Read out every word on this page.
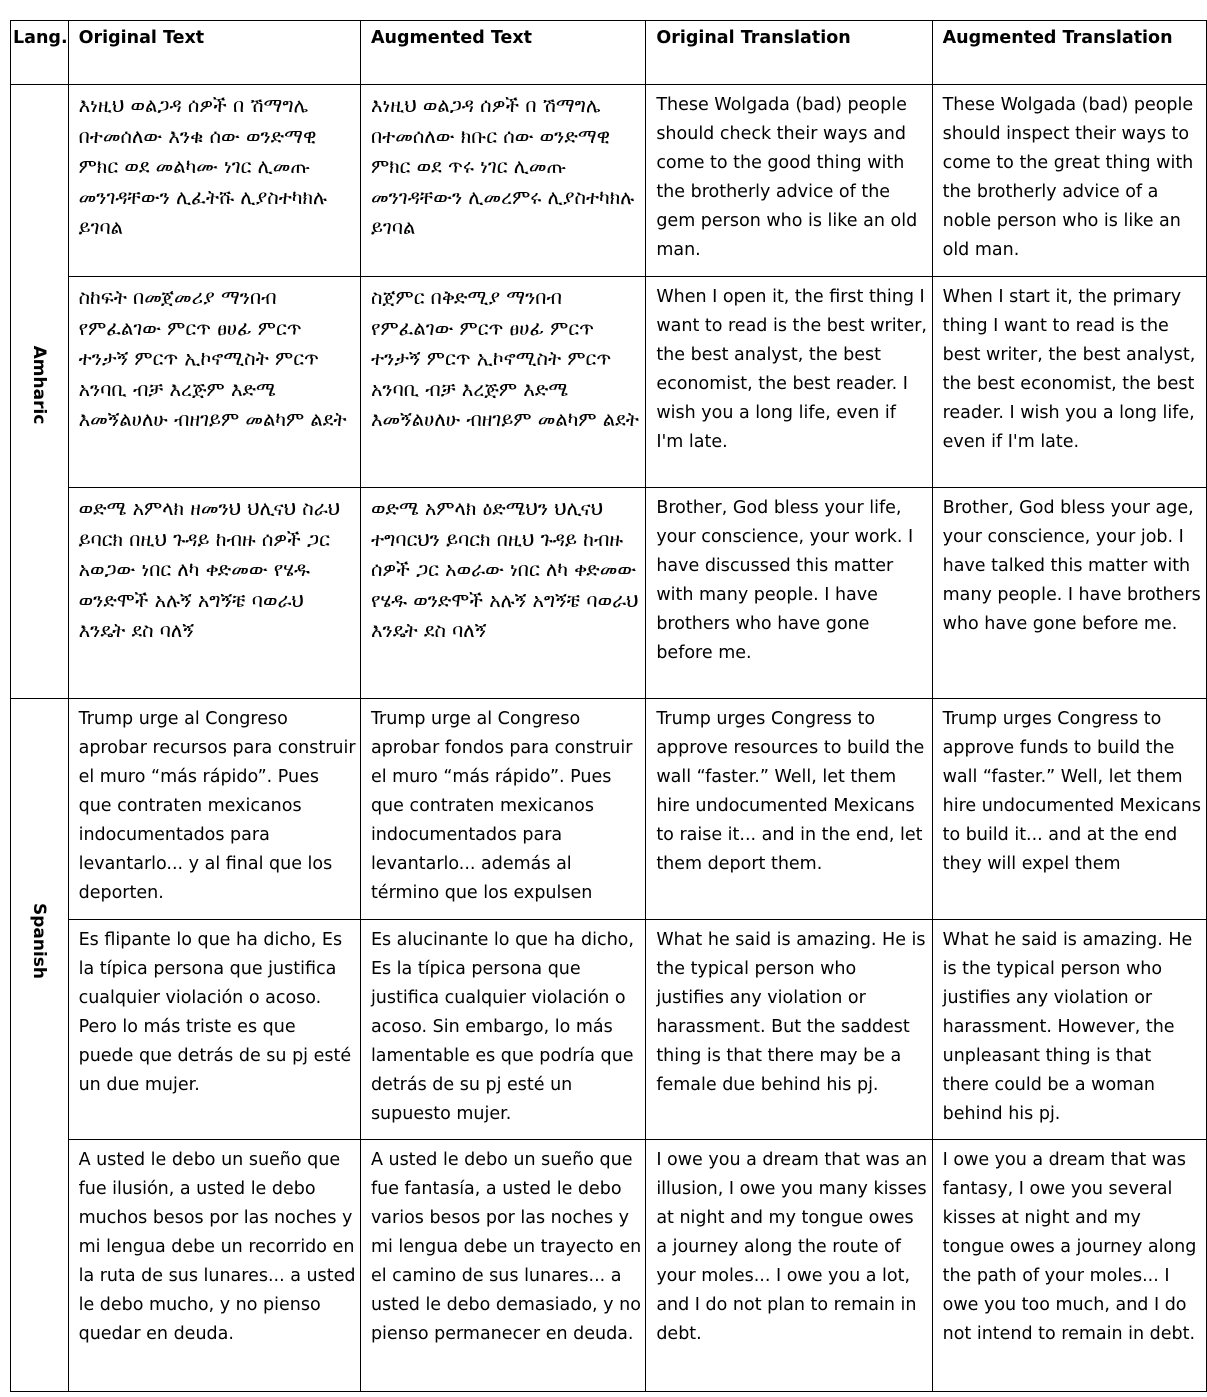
Lang.	Original Text	Augmented Text	Original Translation	Augmented Translation

Amharic	እነዚህ ወልጋዳ ሰዎች በ ሽማግሌ በተመሰለው እንቁ ሰው ወንድማዊ ምክር ወደ መልካሙ ነገር ሊመጡ መንገዳቸውን ሊፈትሹ ሊያስተካክሉ ይገባል	እነዚህ ወልጋዳ ሰዎች በ ሽማግሌ በተመሰለው ክቡር ሰው ወንድማዊ ምክር ወደ ጥሩ ነገር ሊመጡ መንገዳቸውን ሊመረምሩ ሊያስተካክሉ ይገባል	These Wolgada (bad) people should check their ways and come to the good thing with the brotherly advice of the gem person who is like an old man.	These Wolgada (bad) people should inspect their ways to come to the great thing with the brotherly advice of a noble person who is like an old man.
	ስከፍት በመጀመሪያ ማንበብ የምፈልገው ምርጥ ፀሀፊ ምርጥ ተንታኝ ምርጥ ኢኮኖሚስት ምርጥ አንባቢ ብቻ እረጅም እድሜ እመኝልሀለሁ ብዘገይም መልካም ልደት	ስጀምር በቅድሚያ ማንበብ የምፈልገው ምርጥ ፀሀፊ ምርጥ ተንታኝ ምርጥ ኢኮኖሚስት ምርጥ አንባቢ ብቻ እረጅም እድሜ እመኝልሀለሁ ብዘገይም መልካም ልደት	When I open it, the first thing I want to read is the best writer, the best analyst, the best economist, the best reader. I wish you a long life, even if I'm late.	When I start it, the primary thing I want to read is the best writer, the best analyst, the best economist, the best reader. I wish you a long life, even if I'm late.
	ወድሜ አምላክ ዘመንህ ህሊናህ ስራህ ይባርክ በዚህ ጉዳይ ከብዙ ሰዎች ጋር አወጋው ነበር ለካ ቀድመው የሄዱ ወንድሞች አሉኝ አግኝቼ ባወራህ እንዴት ደስ ባለኝ	ወድሜ አምላክ ዕድሜህን ህሊናህ ተግባርህን ይባርክ በዚህ ጉዳይ ከብዙ ሰዎች ጋር አወራው ነበር ለካ ቀድመው የሄዱ ወንድሞች አሉኝ አግኝቼ ባወራህ እንዴት ደስ ባለኝ	Brother, God bless your life, your conscience, your work. I have discussed this matter with many people. I have brothers who have gone before me.	Brother, God bless your age, your conscience, your job. I have talked this matter with many people. I have brothers who have gone before me.

Spanish	Trump urge al Congreso aprobar recursos para construir el muro “más rápido”. Pues que contraten mexicanos indocumentados para levantarlo... y al final que los deporten.	Trump urge al Congreso aprobar fondos para construir el muro “más rápido”. Pues que contraten mexicanos indocumentados para levantarlo... además al término que los expulsen	Trump urges Congress to approve resources to build the wall “faster.” Well, let them hire undocumented Mexicans to raise it... and in the end, let them deport them.	Trump urges Congress to approve funds to build the wall “faster.” Well, let them hire undocumented Mexicans to build it... and at the end they will expel them
	Es flipante lo que ha dicho, Es la típica persona que justifica cualquier violación o acoso. Pero lo más triste es que puede que detrás de su pj esté un due mujer.	Es alucinante lo que ha dicho, Es la típica persona que justifica cualquier violación o acoso. Sin embargo, lo más lamentable es que podría que detrás de su pj esté un supuesto mujer.	What he said is amazing. He is the typical person who justifies any violation or harassment. But the saddest thing is that there may be a female due behind his pj.	What he said is amazing. He is the typical person who justifies any violation or harassment. However, the unpleasant thing is that there could be a woman behind his pj.
	A usted le debo un sueño que fue ilusión, a usted le debo muchos besos por las noches y mi lengua debe un recorrido en la ruta de sus lunares... a usted le debo mucho, y no pienso quedar en deuda.	A usted le debo un sueño que fue fantasía, a usted le debo varios besos por las noches y mi lengua debe un trayecto en el camino de sus lunares... a usted le debo demasiado, y no pienso permanecer en deuda.	I owe you a dream that was an illusion, I owe you many kisses at night and my tongue owes a journey along the route of your moles... I owe you a lot, and I do not plan to remain in debt.	I owe you a dream that was fantasy, I owe you several kisses at night and my tongue owes a journey along the path of your moles... I owe you too much, and I do not intend to remain in debt.
